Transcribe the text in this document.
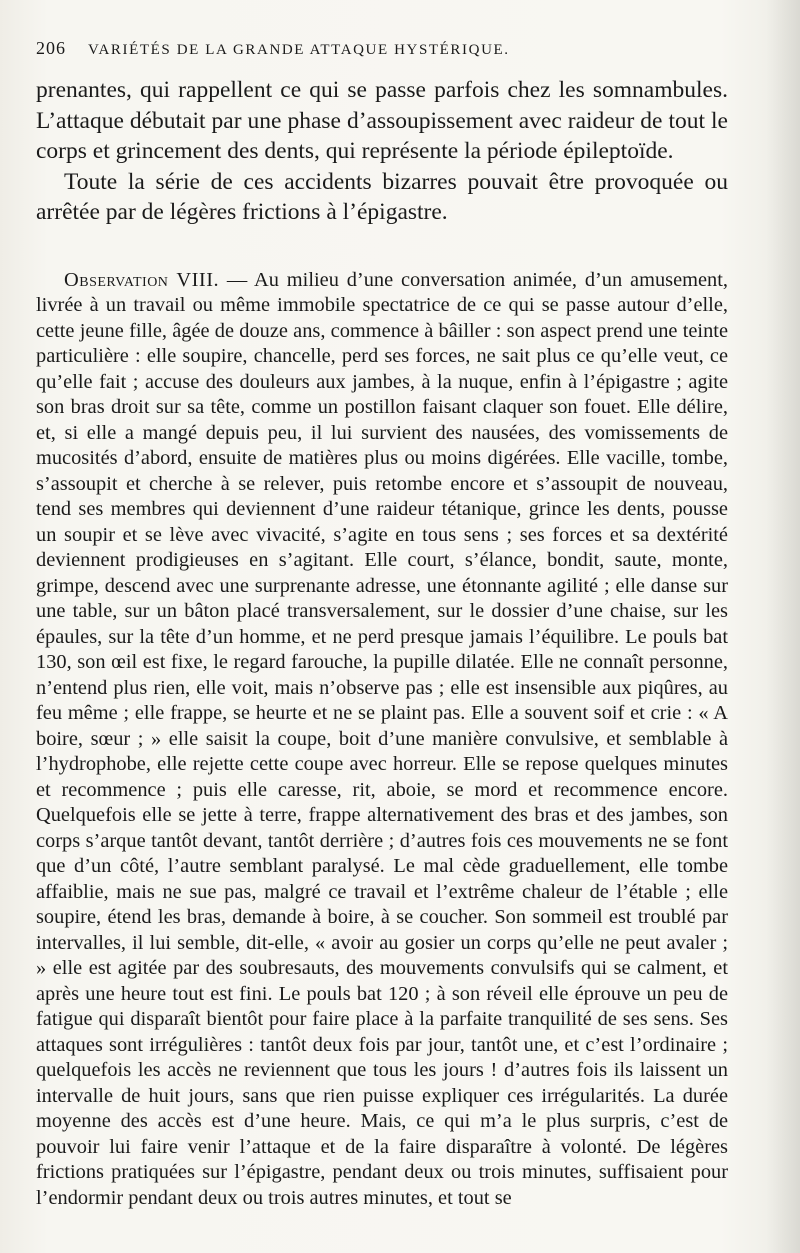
206 VARIÉTÉS DE LA GRANDE ATTAQUE HYSTÉRIQUE.

prenantes, qui rappellent ce qui se passe parfois chez les somnambules. L’attaque débutait par une phase d’assoupissement avec raideur de tout le corps et grincement des dents, qui représente la période épileptoïde.

Toute la série de ces accidents bizarres pouvait être provoquée ou arrêtée par de légères frictions à l’épigastre.

Observation VIII. — Au milieu d’une conversation animée, d’un amusement, livrée à un travail ou même immobile spectatrice de ce qui se passe autour d’elle, cette jeune fille, âgée de douze ans, commence à bâiller : son aspect prend une teinte particulière : elle soupire, chancelle, perd ses forces, ne sait plus ce qu’elle veut, ce qu’elle fait ; accuse des douleurs aux jambes, à la nuque, enfin à l’épigastre ; agite son bras droit sur sa tête, comme un postillon faisant claquer son fouet. Elle délire, et, si elle a mangé depuis peu, il lui survient des nausées, des vomissements de mucosités d’abord, ensuite de matières plus ou moins digérées. Elle vacille, tombe, s’assoupit et cherche à se relever, puis retombe encore et s’assoupit de nouveau, tend ses membres qui deviennent d’une raideur tétanique, grince les dents, pousse un soupir et se lève avec vivacité, s’agite en tous sens ; ses forces et sa dextérité deviennent prodigieuses en s’agitant. Elle court, s’élance, bondit, saute, monte, grimpe, descend avec une surprenante adresse, une étonnante agilité ; elle danse sur une table, sur un bâton placé transversalement, sur le dossier d’une chaise, sur les épaules, sur la tête d’un homme, et ne perd presque jamais l’équilibre. Le pouls bat 130, son œil est fixe, le regard farouche, la pupille dilatée. Elle ne connaît personne, n’entend plus rien, elle voit, mais n’observe pas ; elle est insensible aux piqûres, au feu même ; elle frappe, se heurte et ne se plaint pas. Elle a souvent soif et crie : « A boire, sœur ; » elle saisit la coupe, boit d’une manière convulsive, et semblable à l’hydrophobe, elle rejette cette coupe avec horreur. Elle se repose quelques minutes et recommence ; puis elle caresse, rit, aboie, se mord et recommence encore. Quelquefois elle se jette à terre, frappe alternativement des bras et des jambes, son corps s’arque tantôt devant, tantôt derrière ; d’autres fois ces mouvements ne se font que d’un côté, l’autre semblant paralysé. Le mal cède graduellement, elle tombe affaiblie, mais ne sue pas, malgré ce travail et l’extrême chaleur de l’étable ; elle soupire, étend les bras, demande à boire, à se coucher. Son sommeil est troublé par intervalles, il lui semble, dit-elle, « avoir au gosier un corps qu’elle ne peut avaler ; » elle est agitée par des soubresauts, des mouvements convulsifs qui se calment, et après une heure tout est fini. Le pouls bat 120 ; à son réveil elle éprouve un peu de fatigue qui disparaît bientôt pour faire place à la parfaite tranquilité de ses sens. Ses attaques sont irrégulières : tantôt deux fois par jour, tantôt une, et c’est l’ordinaire ; quelquefois les accès ne reviennent que tous les jours ! d’autres fois ils laissent un intervalle de huit jours, sans que rien puisse expliquer ces irrégularités. La durée moyenne des accès est d’une heure. Mais, ce qui m’a le plus surpris, c’est de pouvoir lui faire venir l’attaque et de la faire disparaître à volonté. De légères frictions pratiquées sur l’épigastre, pendant deux ou trois minutes, suffisaient pour l’endormir pendant deux ou trois autres minutes, et tout se
